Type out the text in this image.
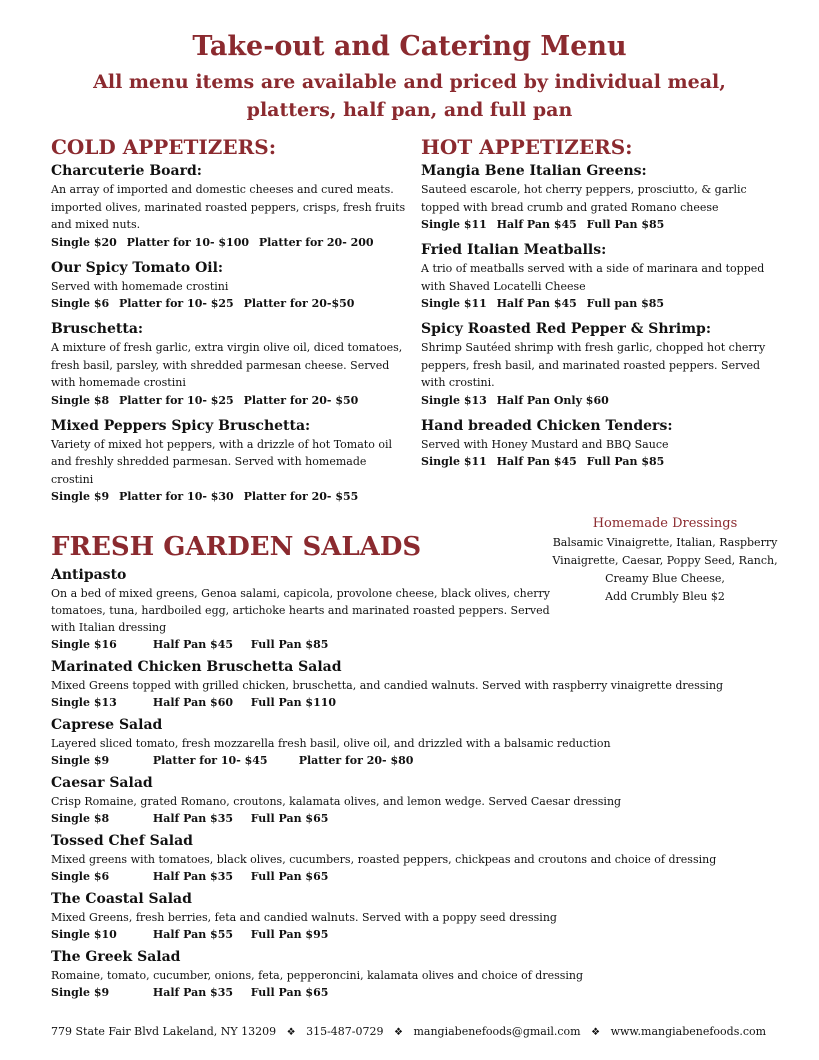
Take-out and Catering Menu
All menu items are available and priced by individual meal, platters, half pan, and full pan
COLD APPETIZERS:
Charcuterie Board:
An array of imported and domestic cheeses and cured meats. imported olives, marinated roasted peppers, crisps, fresh fruits and mixed nuts.
Single $20 Platter for 10- $100 Platter for 20- 200
Our Spicy Tomato Oil:
Served with homemade crostini
Single $6 Platter for 10- $25 Platter for 20-$50
Bruschetta:
A mixture of fresh garlic, extra virgin olive oil, diced tomatoes, fresh basil, parsley, with shredded parmesan cheese. Served with homemade crostini
Single $8 Platter for 10- $25 Platter for 20- $50
Mixed Peppers Spicy Bruschetta:
Variety of mixed hot peppers, with a drizzle of hot Tomato oil and freshly shredded parmesan. Served with homemade crostini
Single $9 Platter for 10- $30 Platter for 20- $55
HOT APPETIZERS:
Mangia Bene Italian Greens:
Sauteed escarole, hot cherry peppers, prosciutto, & garlic topped with bread crumb and grated Romano cheese
Single $11 Half Pan $45 Full Pan $85
Fried Italian Meatballs:
A trio of meatballs served with a side of marinara and topped with Shaved Locatelli Cheese
Single $11 Half Pan $45 Full pan $85
Spicy Roasted Red Pepper & Shrimp:
Shrimp Sautéed shrimp with fresh garlic, chopped hot cherry peppers, fresh basil, and marinated roasted peppers. Served with crostini.
Single $13 Half Pan Only $60
Hand breaded Chicken Tenders:
Served with Honey Mustard and BBQ Sauce
Single $11 Half Pan $45 Full Pan $85
Homemade Dressings
Balsamic Vinaigrette, Italian, Raspberry Vinaigrette, Caesar, Poppy Seed, Ranch, Creamy Blue Cheese,
Add Crumbly Bleu $2
FRESH GARDEN SALADS
Antipasto
On a bed of mixed greens, Genoa salami, capicola, provolone cheese, black olives, cherry tomatoes, tuna, hardboiled egg, artichoke hearts and marinated roasted peppers. Served with Italian dressing
Single $16	Half Pan $45 Full Pan $85
Marinated Chicken Bruschetta Salad
Mixed Greens topped with grilled chicken, bruschetta, and candied walnuts. Served with raspberry vinaigrette dressing
Single $13	Half Pan $60 Full Pan $110
Caprese Salad
Layered sliced tomato, fresh mozzarella fresh basil, olive oil, and drizzled with a balsamic reduction
Single $9	Platter for 10- $45	Platter for 20- $80
Caesar Salad
Crisp Romaine, grated Romano, croutons, kalamata olives, and lemon wedge. Served Caesar dressing
Single $8	Half Pan $35 Full Pan $65
Tossed Chef Salad
Mixed greens with tomatoes, black olives, cucumbers, roasted peppers, chickpeas and croutons and choice of dressing
Single $6	Half Pan $35 Full Pan $65
The Coastal Salad
Mixed Greens, fresh berries, feta and candied walnuts. Served with a poppy seed dressing
Single $10	Half Pan $55 Full Pan $95
The Greek Salad
Romaine, tomato, cucumber, onions, feta, pepperoncini, kalamata olives and choice of dressing
Single $9	Half Pan $35 Full Pan $65
779 State Fair Blvd Lakeland, NY 13209 ❖ 315-487-0729 ❖ mangiabenefoods@gmail.com ❖ www.mangiabenefoods.com
